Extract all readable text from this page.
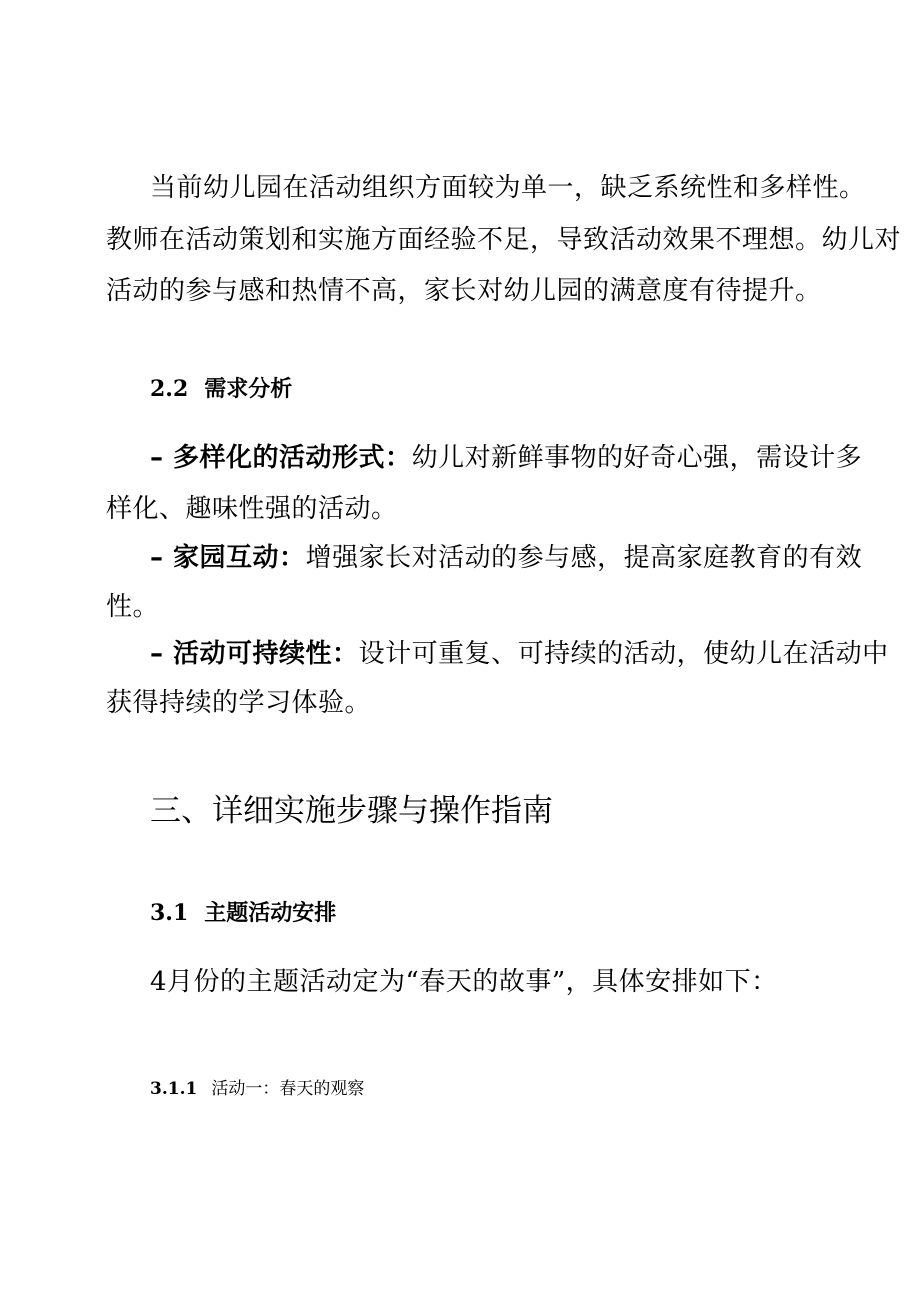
当前幼儿园在活动组织方面较为单一，缺乏系统性和多样性。
教师在活动策划和实施方面经验不足，导致活动效果不理想。幼儿对
活动的参与感和热情不高，家长对幼儿园的满意度有待提升。
2.2 需求分析
– 多样化的活动形式：幼儿对新鲜事物的好奇心强，需设计多
样化、趣味性强的活动。
– 家园互动：增强家长对活动的参与感，提高家庭教育的有效
性。
– 活动可持续性：设计可重复、可持续的活动，使幼儿在活动中
获得持续的学习体验。
三、详细实施步骤与操作指南
3.1 主题活动安排
4月份的主题活动定为“春天的故事”，具体安排如下：
3.1.1 活动一：春天的观察
